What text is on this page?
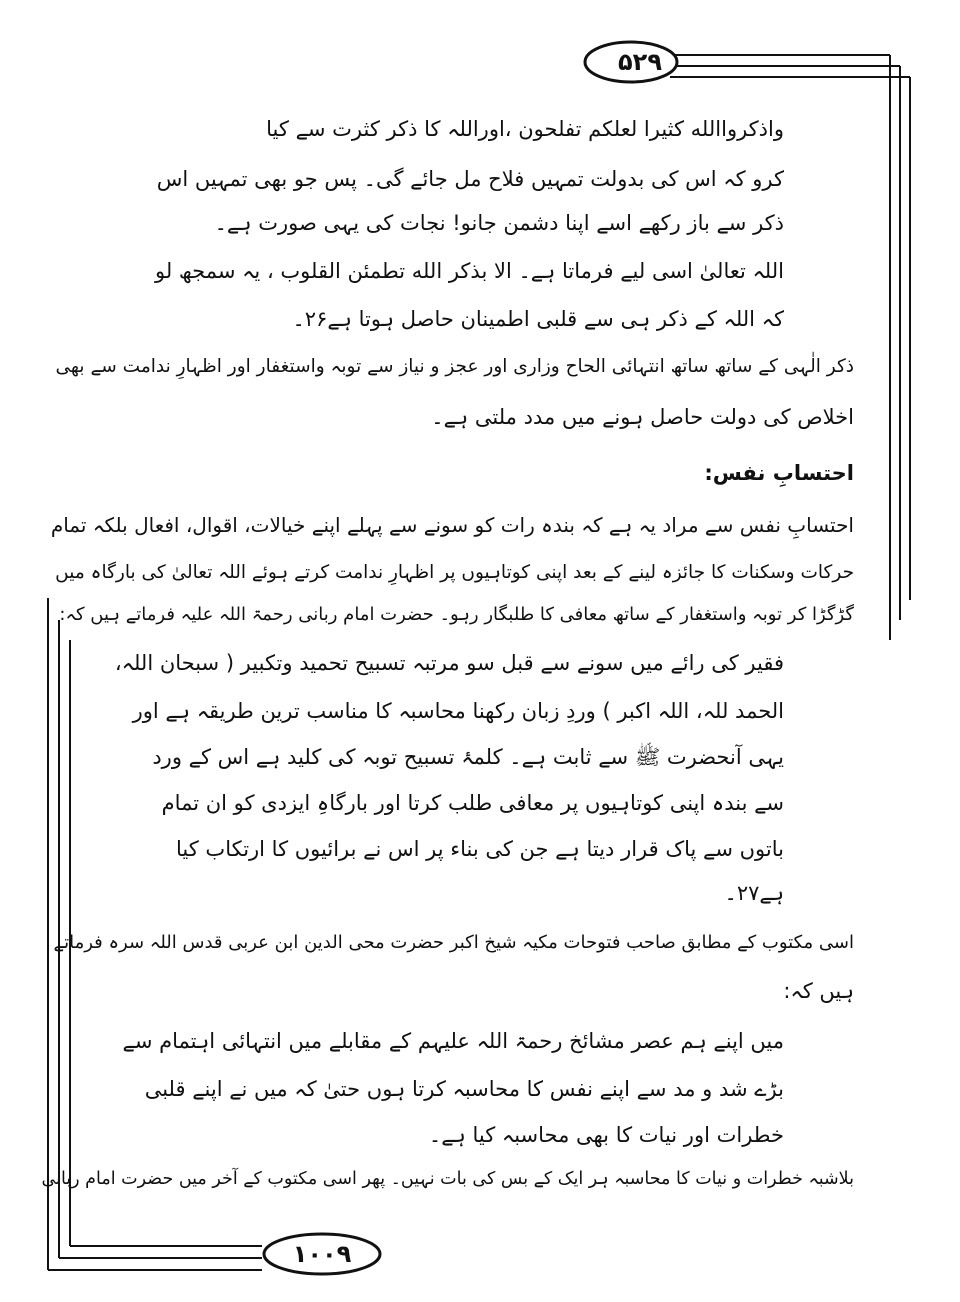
۵۲۹
۱۰۰۹
واذکرواالله کثیرا لعلکم تفلحون ،اوراللہ کا ذکر کثرت سے کیا
کرو کہ اس کی بدولت تمہیں فلاح مل جائے گی۔ پس جو بھی تمہیں اس
ذکر سے باز رکھے اسے اپنا دشمن جانو! نجات کی یہی صورت ہے۔
اللہ تعالیٰ اسی لیے فرماتا ہے۔ الا بذکر الله تطمئن القلوب ، یہ سمجھ لو
کہ اللہ کے ذکر ہی سے قلبی اطمینان حاصل ہوتا ہے۲۶۔
ذکر الٰہی کے ساتھ ساتھ انتہائی الحاح وزاری اور عجز و نیاز سے توبہ واستغفار اور اظہارِ ندامت سے بھی
اخلاص کی دولت حاصل ہونے میں مدد ملتی ہے۔
احتسابِ نفس:
احتسابِ نفس سے مراد یہ ہے کہ بندہ رات کو سونے سے پہلے اپنے خیالات، اقوال، افعال بلکہ تمام
حرکات وسکنات کا جائزہ لینے کے بعد اپنی کوتاہیوں پر اظہارِ ندامت کرتے ہوئے اللہ تعالیٰ کی بارگاہ میں
گڑگڑا کر توبہ واستغفار کے ساتھ معافی کا طلبگار رہو۔ حضرت امام ربانی رحمۃ اللہ علیہ فرماتے ہیں کہ:
فقیر کی رائے میں سونے سے قبل سو مرتبہ تسبیح تحمید وتکبیر ( سبحان اللہ،
الحمد للہ، اللہ اکبر ) وردِ زبان رکھنا محاسبہ کا مناسب ترین طریقہ ہے اور
یہی آنحضرت ﷺ سے ثابت ہے۔ کلمۂ تسبیح توبہ کی کلید ہے اس کے ورد
سے بندہ اپنی کوتاہیوں پر معافی طلب کرتا اور بارگاہِ ایزدی کو ان تمام
باتوں سے پاک قرار دیتا ہے جن کی بناء پر اس نے برائیوں کا ارتکاب کیا
ہے۲۷۔
اسی مکتوب کے مطابق صاحب فتوحات مکیہ شیخ اکبر حضرت محی الدین ابن عربی قدس اللہ سرہ فرماتے
ہیں کہ:
میں اپنے ہم عصر مشائخ رحمۃ اللہ علیہم کے مقابلے میں انتہائی اہتمام سے
بڑے شد و مد سے اپنے نفس کا محاسبہ کرتا ہوں حتیٰ کہ میں نے اپنے قلبی
خطرات اور نیات کا بھی محاسبہ کیا ہے۔
بلاشبہ خطرات و نیات کا محاسبہ ہر ایک کے بس کی بات نہیں۔ پھر اسی مکتوب کے آخر میں حضرت امام ربانی
